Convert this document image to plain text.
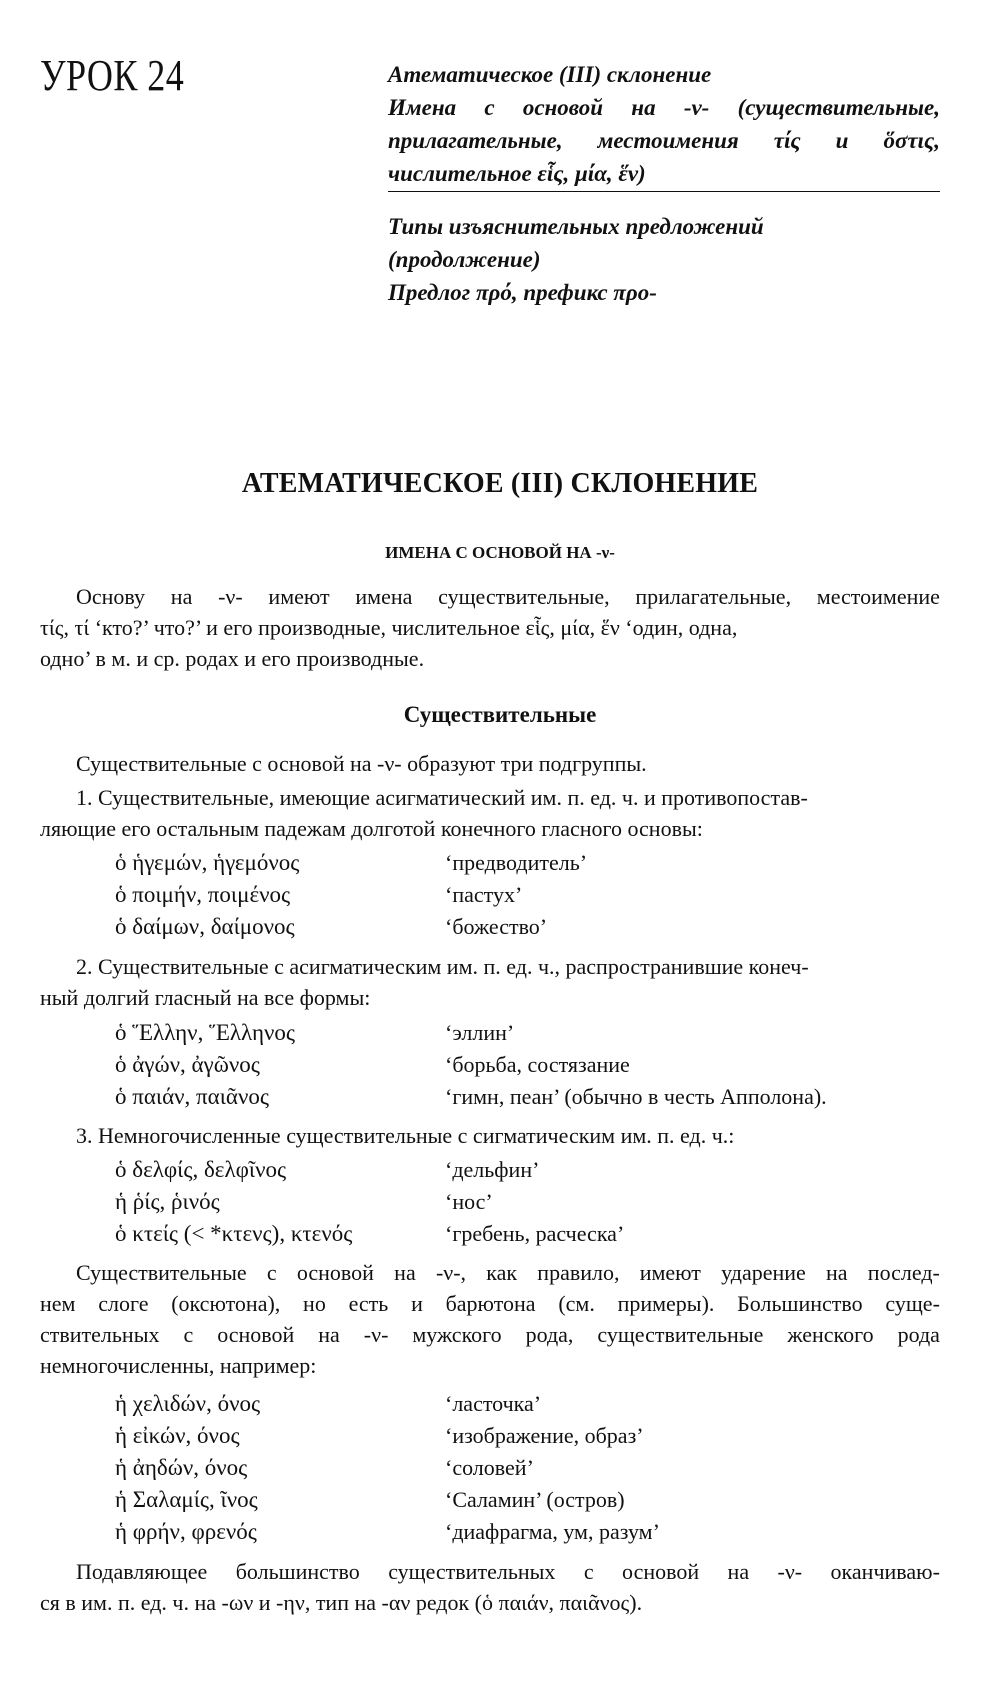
УРОК 24	Атематическое (III) склонение
Имена с основой на -ν- (существительные,
прилагательные, местоимения τίς и ὅστις,
числительное εἷς, μία, ἕν)
Типы изъяснительных предложений
(продолжение)
Предлог πρό, префикс προ-
АТЕМАТИЧЕСКОЕ (III) СКЛОНЕНИЕ
ИМЕНА С ОСНОВОЙ НА -ν-
Основу на -ν- имеют имена существительные, прилагательные, местоимение
τίς, τί ‘кто?’ что?’ и его производные, числительное εἷς, μία, ἕν ‘один, одна,
одно’ в м. и ср. родах и его производные.
Существительные
Существительные с основой на -ν- образуют три подгруппы.
1. Существительные, имеющие асигматический им. п. ед. ч. и противопостав-
ляющие его остальным падежам долготой конечного гласного основы:
ὁ ἡγεμών, ἡγεμόνος	‘предводитель’
ὁ ποιμήν, ποιμένος	‘пастух’
ὁ δαίμων, δαίμονος	‘божество’
2. Существительные с асигматическим им. п. ед. ч., распространившие конеч-
ный долгий гласный на все формы:
ὁ Ἕλλην, Ἕλληνος	‘эллин’
ὁ ἀγών, ἀγῶνος	‘борьба, состязание
ὁ παιάν, παιᾶνος	‘гимн, пеан’ (обычно в честь Апполона).
3. Немногочисленные существительные с сигматическим им. п. ед. ч.:
ὁ δελφίς, δελφῖνος	‘дельфин’
ἡ ῥίς, ῥινός	‘нос’
ὁ κτείς (< *κτενς), κτενός	‘гребень, расческа’
Существительные с основой на -ν-, как правило, имеют ударение на послед-
нем слоге (оксютона), но есть и барютона (см. примеры). Большинство суще-
ствительных с основой на -ν- мужского рода, существительные женского рода
немногочисленны, например:
ἡ χελιδών, όνος	‘ласточка’
ἡ εἰκών, όνος	‘изображение, образ’
ἡ ἀηδών, όνος	‘соловей’
ἡ Σαλαμίς, ῖνος	‘Саламин’ (остров)
ἡ φρήν, φρενός	‘диафрагма, ум, разум’
Подавляющее большинство существительных с основой на -ν- оканчиваю-
ся в им. п. ед. ч. на -ων и -ην, тип на -αν редок (ὁ παιάν, παιᾶνος).
